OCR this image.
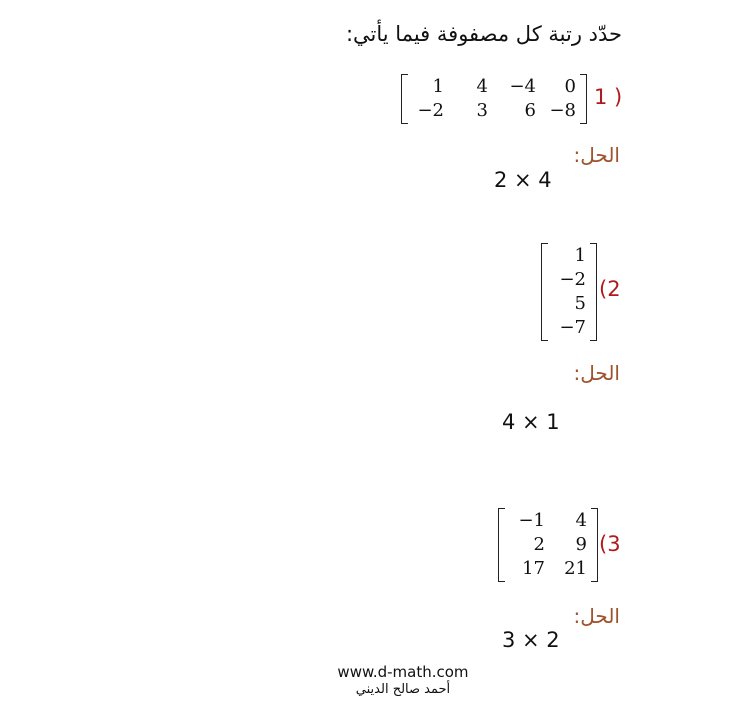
حدّد رتبة كل مصفوفة فيما يأتي:
1	4	−4	0
−2	3	6 −8
1 )
الحل:
2 × 4
1
−2
5
−7
(2
الحل:
4 × 1
−1	4
2	9
17	21
(3
الحل:
3 × 2
www.d-math.com
أحمد صالح الديني
